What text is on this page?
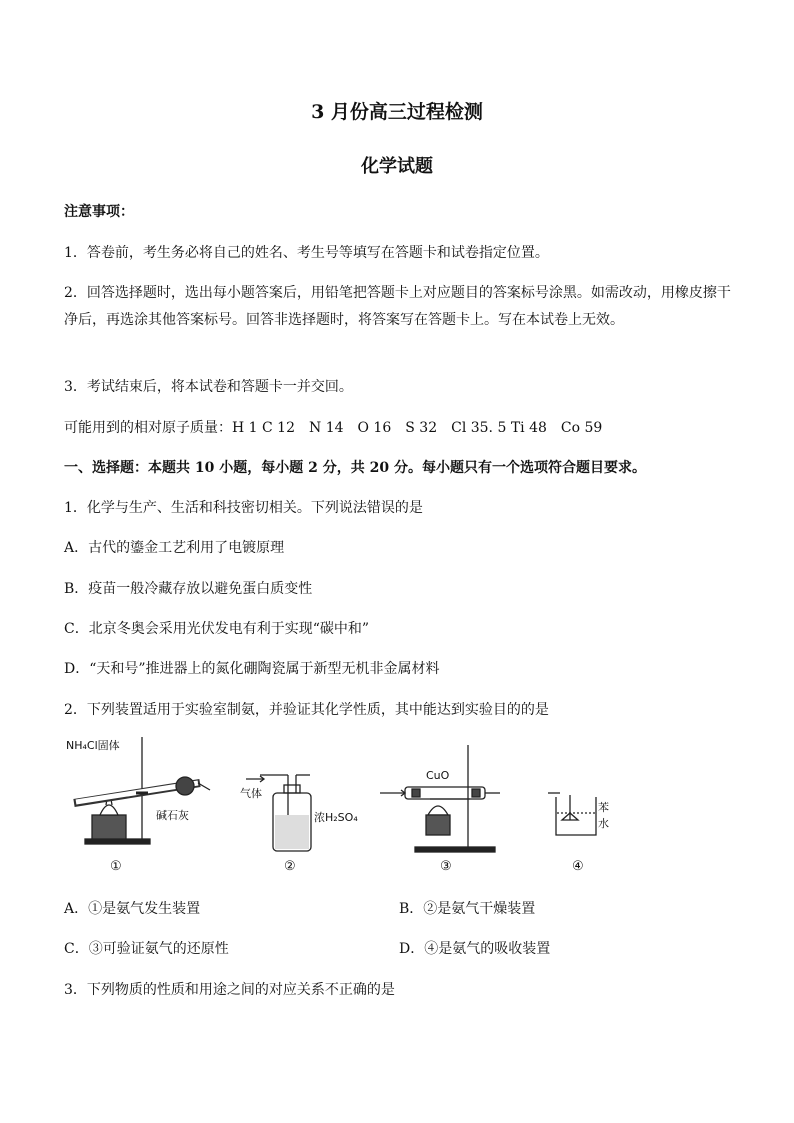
3 月份高三过程检测
化学试题
注意事项：
1．答卷前，考生务必将自己的姓名、考生号等填写在答题卡和试卷指定位置。
2．回答选择题时，选出每小题答案后，用铅笔把答题卡上对应题目的答案标号涂黑。如需改动，用橡皮擦干净后，再选涂其他答案标号。回答非选择题时，将答案写在答题卡上。写在本试卷上无效。
3．考试结束后，将本试卷和答题卡一并交回。
可能用到的相对原子质量：H 1 C 12　N 14　O 16　S 32　Cl 35. 5 Ti 48　Co 59
一、选择题：本题共 10 小题，每小题 2 分，共 20 分。每小题只有一个选项符合题目要求。
1．化学与生产、生活和科技密切相关。下列说法错误的是
A．古代的鎏金工艺利用了电镀原理
B．疫苗一般冷藏存放以避免蛋白质变性
C．北京冬奥会采用光伏发电有利于实现“碳中和”
D．“天和号”推进器上的氮化硼陶瓷属于新型无机非金属材料
2．下列装置适用于实验室制氨，并验证其化学性质，其中能达到实验目的的是
NH₄Cl固体
碱石灰
气体
浓H₂SO₄
CuO
苯
水
①	②	③	④
A．①是氨气发生装置	B．②是氨气干燥装置
C．③可验证氨气的还原性	D．④是氨气的吸收装置
3．下列物质的性质和用途之间的对应关系不正确的是
